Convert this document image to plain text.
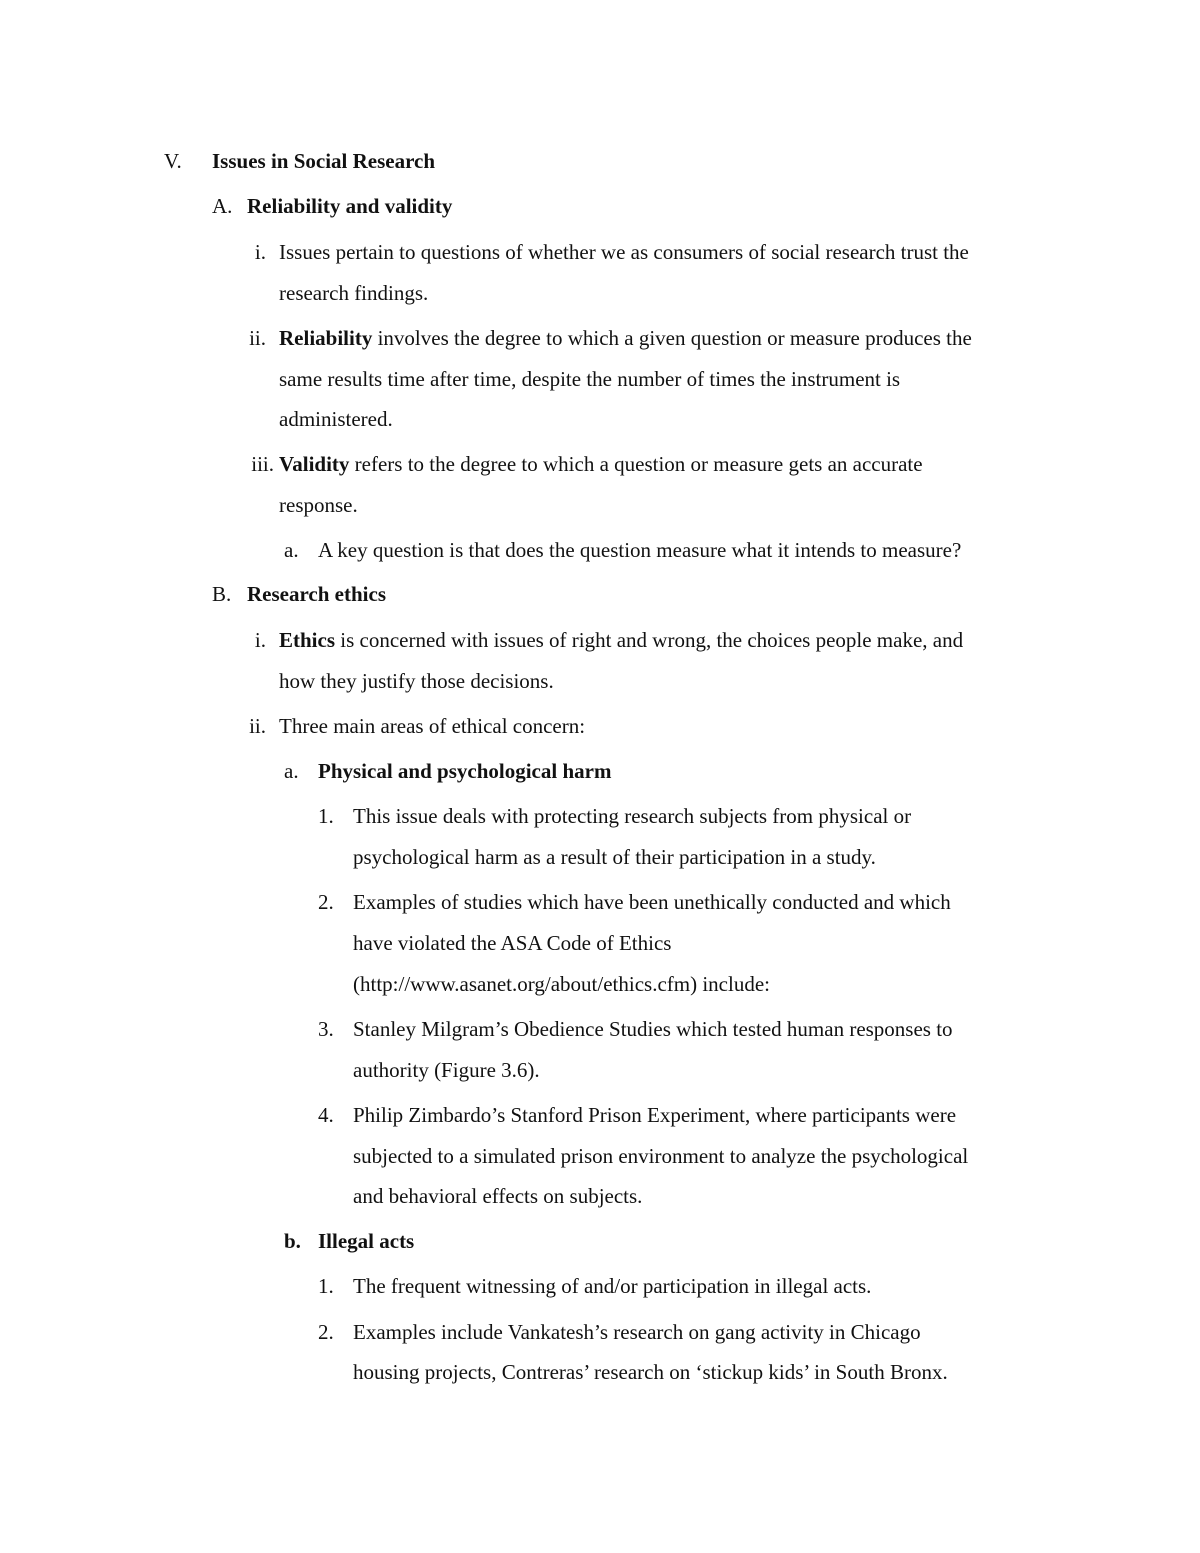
V. Issues in Social Research
A. Reliability and validity
i. Issues pertain to questions of whether we as consumers of social research trust the
research findings.
ii. Reliability involves the degree to which a given question or measure produces the
same results time after time, despite the number of times the instrument is
administered.
iii. Validity refers to the degree to which a question or measure gets an accurate
response.
a. A key question is that does the question measure what it intends to measure?
B. Research ethics
i. Ethics is concerned with issues of right and wrong, the choices people make, and
how they justify those decisions.
ii. Three main areas of ethical concern:
a. Physical and psychological harm
1. This issue deals with protecting research subjects from physical or
psychological harm as a result of their participation in a study.
2. Examples of studies which have been unethically conducted and which
have violated the ASA Code of Ethics
(http://www.asanet.org/about/ethics.cfm) include:
3. Stanley Milgram’s Obedience Studies which tested human responses to
authority (Figure 3.6).
4. Philip Zimbardo’s Stanford Prison Experiment, where participants were
subjected to a simulated prison environment to analyze the psychological
and behavioral effects on subjects.
b. Illegal acts
1. The frequent witnessing of and/or participation in illegal acts.
2. Examples include Vankatesh’s research on gang activity in Chicago
housing projects, Contreras’ research on ‘stickup kids’ in South Bronx.
